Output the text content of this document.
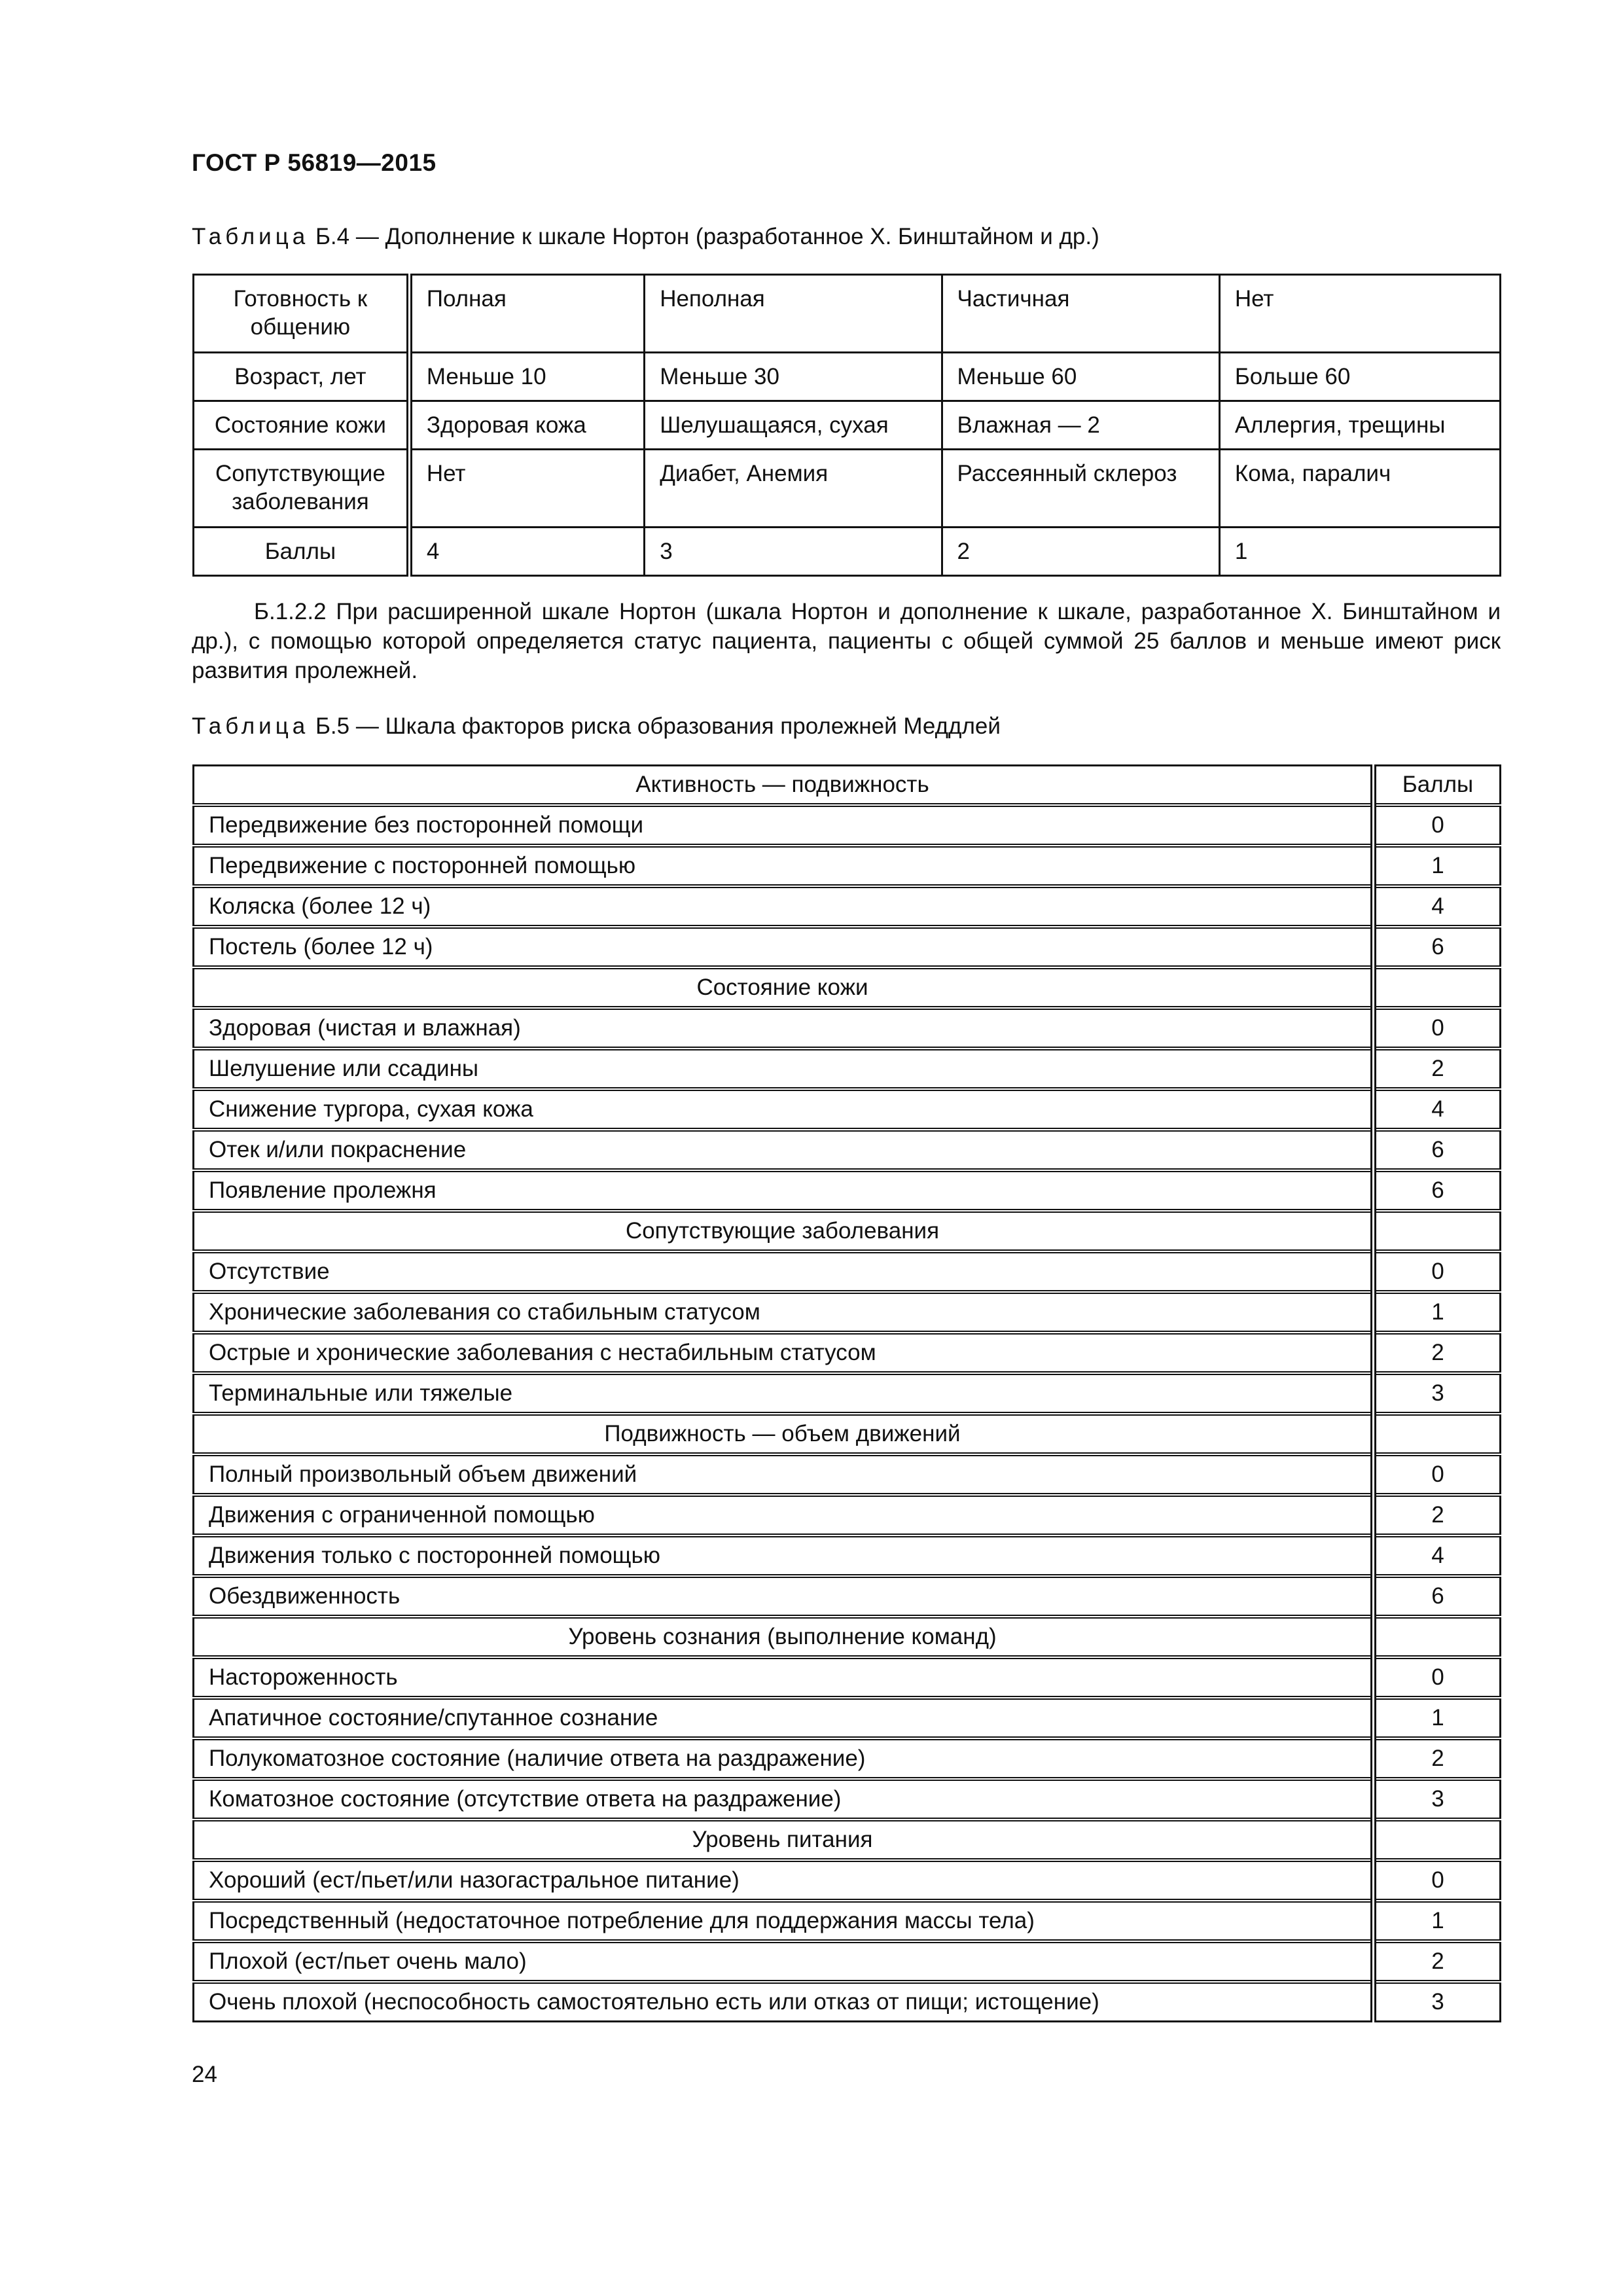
ГОСТ Р 56819—2015
Таблица Б.4 — Дополнение к шкале Нортон (разработанное Х. Бинштайном и др.)
Готовность к общению	Полная	Неполная	Частичная	Нет
Возраст, лет	Меньше 10	Меньше 30	Меньше 60	Больше 60
Состояние кожи	Здоровая кожа	Шелушащаяся, сухая	Влажная — 2	Аллергия, трещины
Сопутствующие заболевания	Нет	Диабет, Анемия	Рассеянный склероз	Кома, паралич
Баллы	4	3	2	1
Б.1.2.2 При расширенной шкале Нортон (шкала Нортон и дополнение к шкале, разработанное Х. Бинштайном и др.), с помощью которой определяется статус пациента, пациенты с общей суммой 25 баллов и меньше имеют риск развития пролежней.
Таблица Б.5 — Шкала факторов риска образования пролежней Меддлей
Активность — подвижность	Баллы
Передвижение без посторонней помощи	0
Передвижение с посторонней помощью	1
Коляска (более 12 ч)	4
Постель (более 12 ч)	6
Состояние кожи	
Здоровая (чистая и влажная)	0
Шелушение или ссадины	2
Снижение тургора, сухая кожа	4
Отек и/или покраснение	6
Появление пролежня	6
Сопутствующие заболевания	
Отсутствие	0
Хронические заболевания со стабильным статусом	1
Острые и хронические заболевания с нестабильным статусом	2
Терминальные или тяжелые	3
Подвижность — объем движений	
Полный произвольный объем движений	0
Движения с ограниченной помощью	2
Движения только с посторонней помощью	4
Обездвиженность	6
Уровень сознания (выполнение команд)	
Настороженность	0
Апатичное состояние/спутанное сознание	1
Полукоматозное состояние (наличие ответа на раздражение)	2
Коматозное состояние (отсутствие ответа на раздражение)	3
Уровень питания	
Хороший (ест/пьет/или назогастральное питание)	0
Посредственный (недостаточное потребление для поддержания массы тела)	1
Плохой (ест/пьет очень мало)	2
Очень плохой (неспособность самостоятельно есть или отказ от пищи; истощение)	3
24
